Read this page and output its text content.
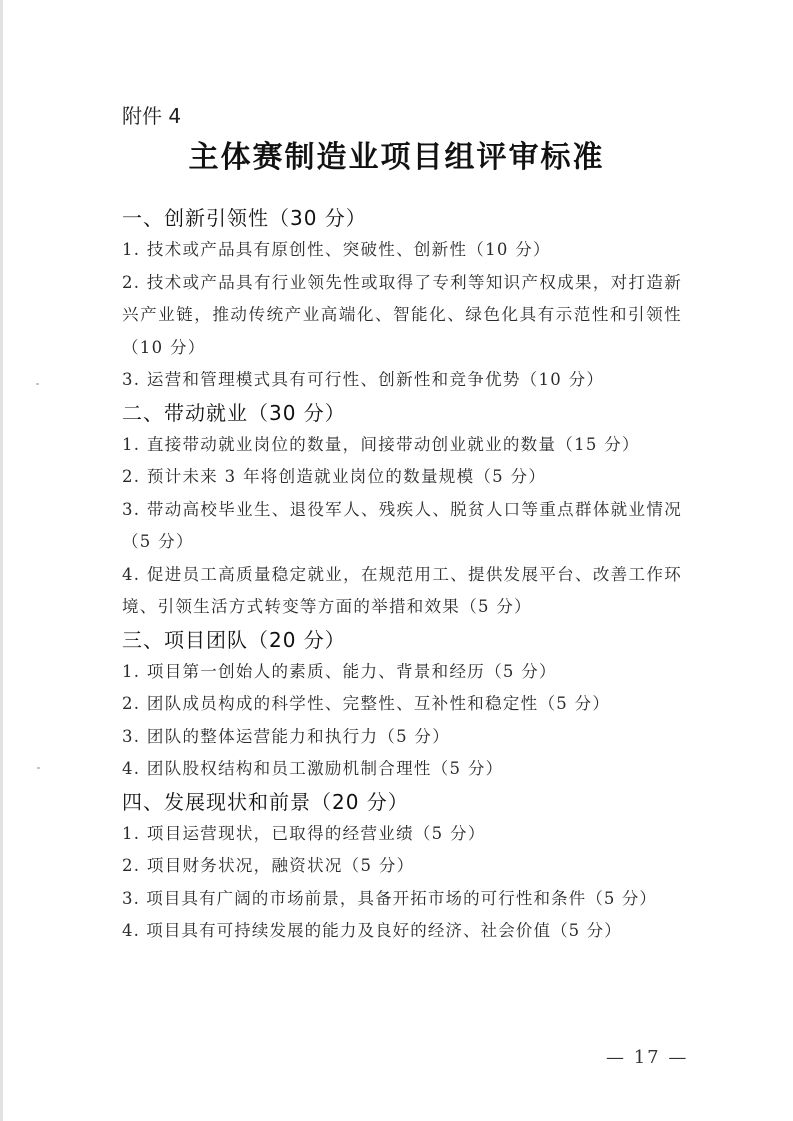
附件 4
主体赛制造业项目组评审标准
一、创新引领性（30 分）
1. 技术或产品具有原创性、突破性、创新性（10 分）
2. 技术或产品具有行业领先性或取得了专利等知识产权成果，对打造新兴产业链，推动传统产业高端化、智能化、绿色化具有示范性和引领性（10 分）
3. 运营和管理模式具有可行性、创新性和竞争优势（10 分）
二、带动就业（30 分）
1. 直接带动就业岗位的数量，间接带动创业就业的数量（15 分）
2. 预计未来 3 年将创造就业岗位的数量规模（5 分）
3. 带动高校毕业生、退役军人、残疾人、脱贫人口等重点群体就业情况（5 分）
4. 促进员工高质量稳定就业，在规范用工、提供发展平台、改善工作环境、引领生活方式转变等方面的举措和效果（5 分）
三、项目团队（20 分）
1. 项目第一创始人的素质、能力、背景和经历（5 分）
2. 团队成员构成的科学性、完整性、互补性和稳定性（5 分）
3. 团队的整体运营能力和执行力（5 分）
4. 团队股权结构和员工激励机制合理性（5 分）
四、发展现状和前景（20 分）
1. 项目运营现状，已取得的经营业绩（5 分）
2. 项目财务状况，融资状况（5 分）
3. 项目具有广阔的市场前景，具备开拓市场的可行性和条件（5 分）
4. 项目具有可持续发展的能力及良好的经济、社会价值（5 分）
— 17 —
